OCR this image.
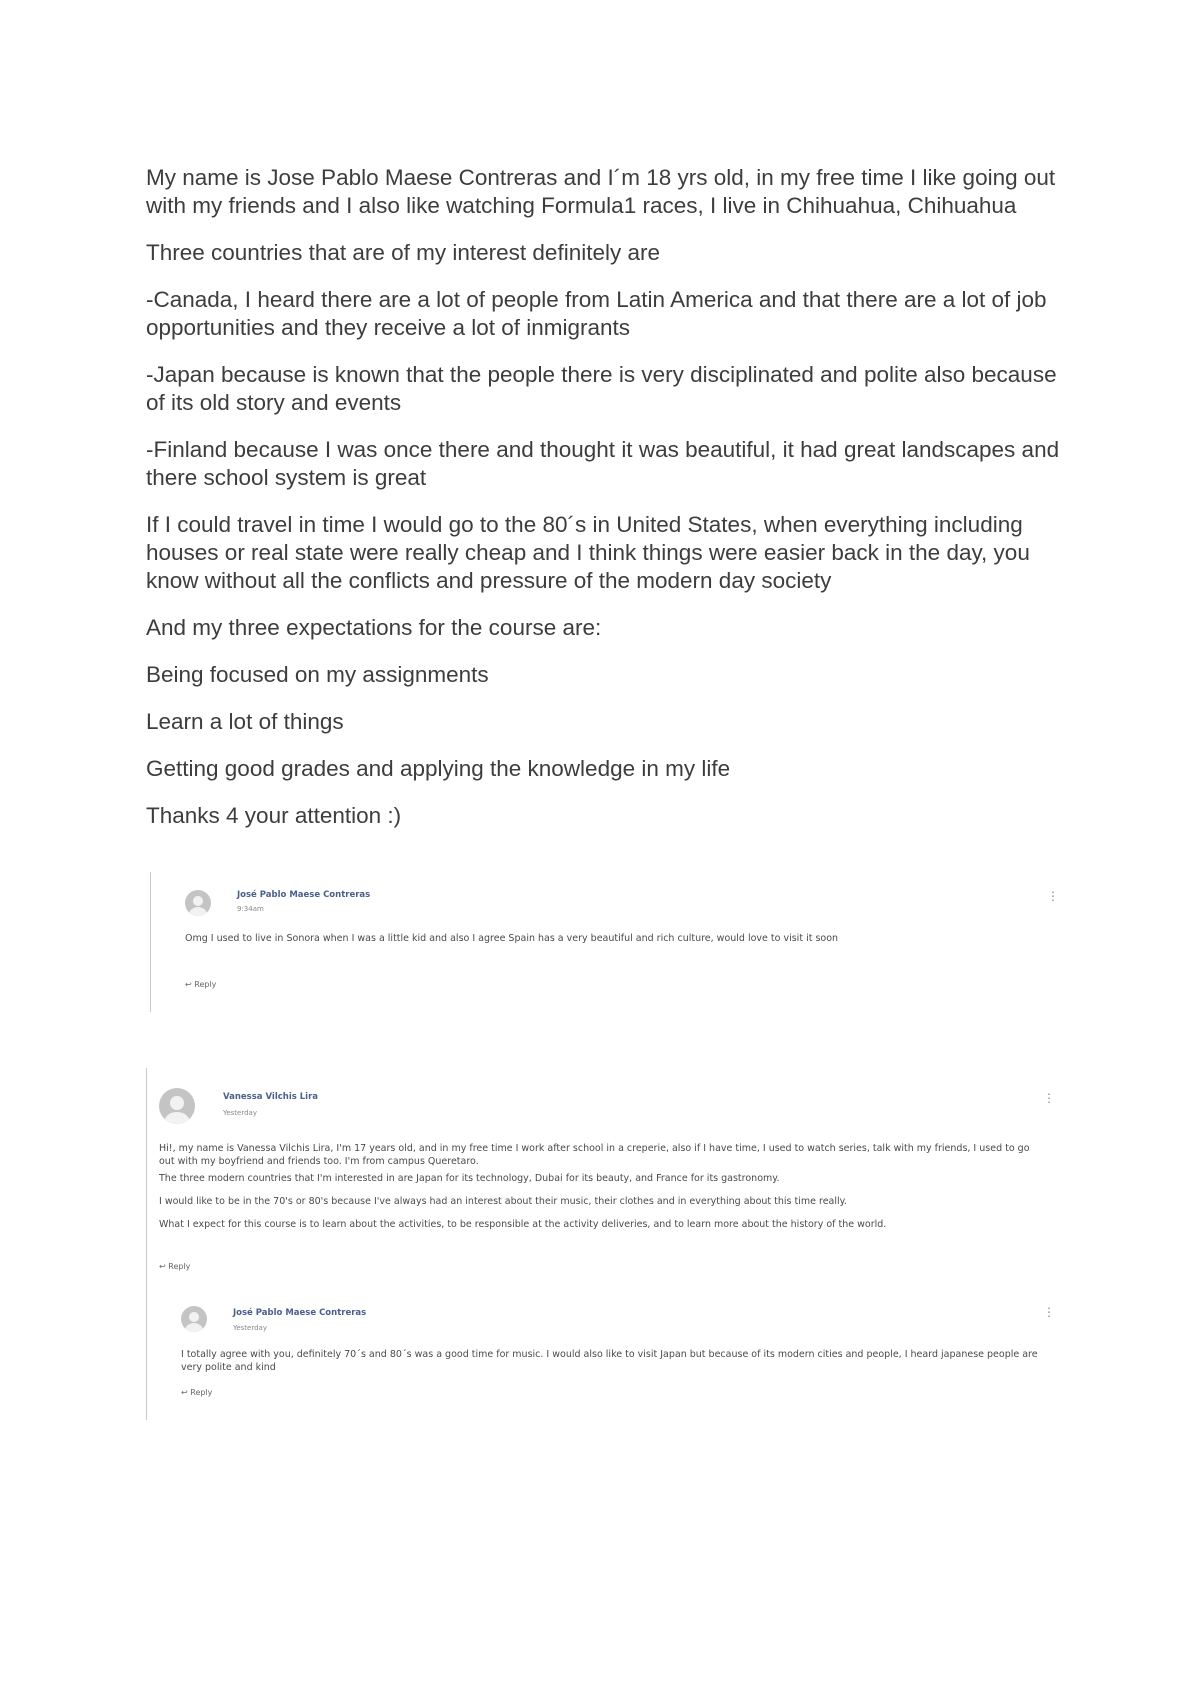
My name is Jose Pablo Maese Contreras and I´m 18 yrs old, in my free time I like going out with my friends and I also like watching Formula1 races, I live in Chihuahua, Chihuahua

Three countries that are of my interest definitely are

-Canada, I heard there are a lot of people from Latin America and that there are a lot of job opportunities and they receive a lot of inmigrants

-Japan because is known that the people there is very disciplinated and polite also because of its old story and events

-Finland because I was once there and thought it was beautiful, it had great landscapes and there school system is great

If I could travel in time I would go to the 80´s in United States, when everything including houses or real state were really cheap and I think things were easier back in the day, you know without all the conflicts and pressure of the modern day society

And my three expectations for the course are:

Being focused on my assignments

Learn a lot of things

Getting good grades and applying the knowledge in my life

Thanks 4 your attention :)

José Pablo Maese Contreras
9:34am
⋮
Omg I used to live in Sonora when I was a little kid and also I agree Spain has a very beautiful and rich culture, would love to visit it soon
↩ Reply
Vanessa Vilchis Lira
Yesterday
⋮

Hi!, my name is Vanessa Vilchis Lira, I'm 17 years old, and in my free time I work after school in a creperie, also if I have time, I used to watch series, talk with my friends, I used to go out with my boyfriend and friends too. I'm from campus Queretaro.

The three modern countries that I'm interested in are Japan for its technology, Dubai for its beauty, and France for its gastronomy.

I would like to be in the 70's or 80's because I've always had an interest about their music, their clothes and in everything about this time really.

What I expect for this course is to learn about the activities, to be responsible at the activity deliveries, and to learn more about the history of the world.

↩ Reply
José Pablo Maese Contreras
Yesterday
⋮
I totally agree with you, definitely 70´s and 80´s was a good time for music. I would also like to visit Japan but because of its modern cities and people, I heard japanese people are very polite and kind
↩ Reply
